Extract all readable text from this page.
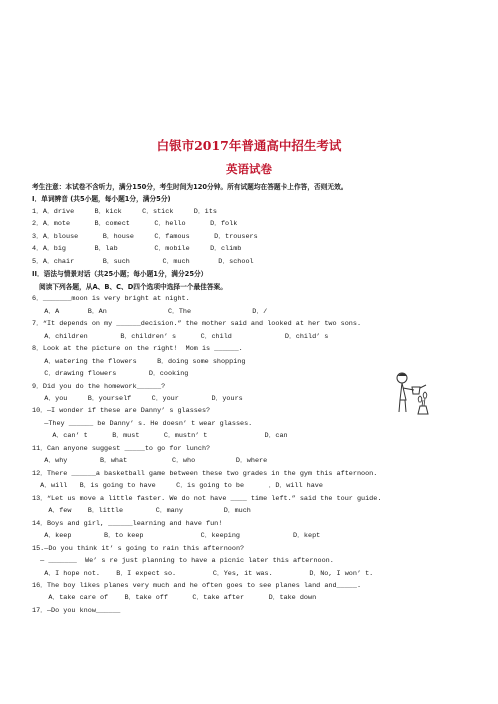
白银市2017年普通高中招生考试
英语试卷
考生注意：本试卷不含听力，满分150分，考生时间为120分钟。所有试题均在答题卡上作答，否则无效。
I．单词辨音 (共5小题，每小题1分，满分5分)
1．A．drive     B．kick     C．stick     D．its
2．A．mote      B．comect      C．hello      D．folk
3．A．blouse      B．house     C．famous      D．trousers
4．A．big       B．lab         C．mobile     D．climb
5．A．chair       B．such        C．much       D．school
II．语法与情景对话（共25小题；每小题1分，满分25分）
阅读下列各题，从A、B、C、D四个选项中选择一个最佳答案。
6．_______moon is very bright at night.
A．A       B．An               C．The               D．/
7．“It depends on my ______decision.” the mother said and looked at her two sons.
A．children        B．children’ s      C．child             D．child’ s
8．Look at the picture on the right!  Mom is ______.
A．watering the flowers     B．doing some shopping
C．drawing flowers        D．cooking
9．Did you do the homework______?
A．you     B．yourself     C．your        D．yours
10．—I wonder if these are Danny’ s glasses?
—They ______ be Danny’ s. He doesn’ t wear glasses.
A．can’ t      B．must      C．mustn’ t              D．can
11．Can anyone suggest _____to go for lunch?
A．why        B．what           C．who          D．where
12．There ______a basketball game between these two grades in the gym this afternoon.
A．will   B．is going to have     C．is going to be      ．D．will have
13．“Let us move a little faster. We do not have ____ time left.” said the tour guide.
A．few    B．little        C．many          D．much
14．Boys and girl, ______learning and have fun!
A．keep        B．to keep              C．keeping             D．kept
15.—Do you think it’ s going to rain this afternoon?
— _______  We’ s re just planning to have a picnic later this afternoon.
A．I hope not.    B．I expect so.         C．Yes, it was.         D．No, I won’ t.
16．The boy likes planes very much and he often goes to see planes land and_____.
A．take care of    B．take off      C．take after      D．take down
17．—Do you know______
